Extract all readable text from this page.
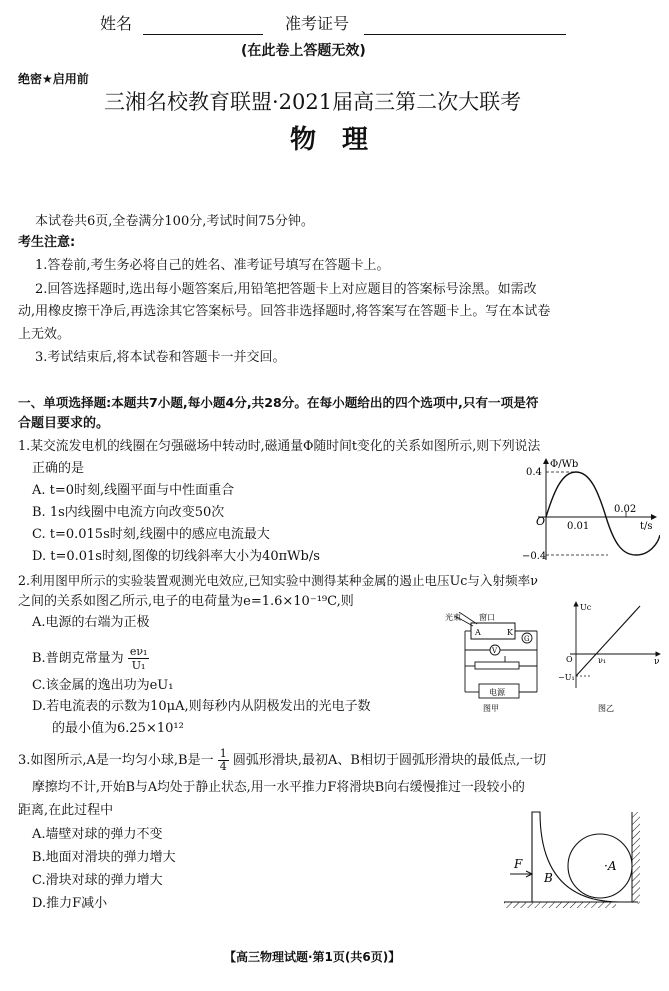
姓名	准考证号
(在此卷上答题无效)
绝密★启用前
三湘名校教育联盟·2021届高三第二次大联考
物　理
本试卷共6页,全卷满分100分,考试时间75分钟。
考生注意:
1.答卷前,考生务必将自己的姓名、准考证号填写在答题卡上。
2.回答选择题时,选出每小题答案后,用铅笔把答题卡上对应题目的答案标号涂黑。如需改
动,用橡皮擦干净后,再选涂其它答案标号。回答非选择题时,将答案写在答题卡上。写在本试卷
上无效。
3.考试结束后,将本试卷和答题卡一并交回。
一、单项选择题:本题共7小题,每小题4分,共28分。在每小题给出的四个选项中,只有一项是符
合题目要求的。
1.某交流发电机的线圈在匀强磁场中转动时,磁通量Φ随时间t变化的关系如图所示,则下列说法
正确的是
A. t=0时刻,线圈平面与中性面重合
B. 1s内线圈中电流方向改变50次
C. t=0.015s时刻,线圈中的感应电流最大
D. t=0.01s时刻,图像的切线斜率大小为40πWb/s
Φ/Wb
0.4
O 0.01
0.02
t/s
−0.4
2.利用图甲所示的实验装置观测光电效应,已知实验中测得某种金属的遏止电压Uc与入射频率ν
之间的关系如图乙所示,电子的电荷量为e=1.6×10⁻¹⁹C,则
A.电源的右端为正极
B.普朗克常量为 $\frac{\text{eν₁}}{\text{U₁}}$
C.该金属的逸出功为eU₁
D.若电流表的示数为10μA,则每秒内从阴极发出的光电子数
的最小值为6.25×10¹²
光束 窗口
A	K
G
V
电源
图甲
Uc
ν
O	ν₁
−U₁
图乙
3.如图所示,A是一均匀小球,B是一 $\frac{1}{4}$ 圆弧形滑块,最初A、B相切于圆弧形滑块的最低点,一切
摩擦均不计,开始B与A均处于静止状态,用一水平推力F将滑块B向右缓慢推过一段较小的
距离,在此过程中
A.墙壁对球的弹力不变
B.地面对滑块的弹力增大
C.滑块对球的弹力增大
D.推力F减小
F
B
·A
【高三物理试题·第1页(共6页)】
